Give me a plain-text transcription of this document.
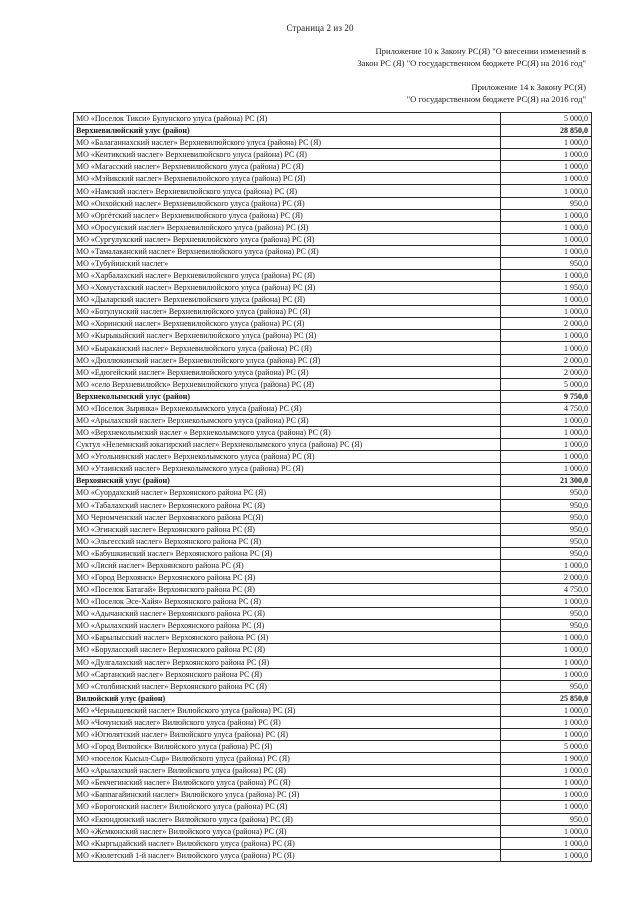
Страница 2 из 20
Приложение 10 к Закону РС(Я) "О внесении изменений в
Закон РС (Я) "О государственном бюджете РС(Я) на 2016 год"
Приложение 14 к Закону РС(Я)
"О государственном бюджете РС(Я) на 2016 год"
МО «Поселок Тикси» Булунского улуса (района) РС (Я)	5 000,0
Верхневилюйский улус (район)	28 850,0
МО «Балаганнахский наслег» Верхневилюйского улуса (района) РС (Я)	1 000,0
МО «Кентикский наслег» Верхневилюйского улуса (района) РС (Я)	1 000,0
МО «Магасский наслег» Верхневилюйского улуса (района) РС (Я)	1 000,0
МО «Мэйикский наслег» Верхневилюйского улуса (района) РС (Я)	1 000,0
МО «Намский наслег» Верхневилюйского улуса (района) РС (Я)	1 000,0
МО «Онхойский наслег» Верхневилюйского улуса (района) РС (Я)	950,0
МО «Оргётский наслег» Верхневилюйского улуса (района) РС (Я)	1 000,0
МО «Оросунский наслег» Верхневилюйского улуса (района) РС (Я)	1 000,0
МО «Сургулукский наслег» Верхневилюйского улуса (района) РС (Я)	1 000,0
МО «Тамалаканский наслег» Верхневилюйского улуса (района) РС (Я)	1 000,0
МО «Тубуйинский наслег»	950,0
МО «Харбалахский наслег» Верхневилюйского улуса (района) РС (Я)	1 000,0
МО «Хомустахский наслег» Верхневилюйского улуса (района) РС (Я)	1 950,0
МО «Дыларский наслег» Верхневилюйского улуса (района) РС (Я)	1 000,0
МО «Ботулунский наслег» Верхневилюйского улуса (района) РС (Я)	1 000,0
МО «Хоринский наслег» Верхневилюйского улуса (района) РС (Я)	2 000,0
МО «Кырыкыйский наслег» Верхневилюйского улуса (района) РС (Я)	1 000,0
МО «Быраканский наслег» Верхневилюйского улуса (района) РС (Я)	1 000,0
МО «Дюллюкинский наслег» Верхневилюйского улуса (района) РС (Я)	2 000,0
МО «Едюгейский наслег» Верхневилюйского улуса (района) РС (Я)	2 000,0
МО «село Верхневилюйск» Верхневилюйского улуса (района) РС (Я)	5 000,0
Верхнеколымский улус (район)	9 750,0
МО «Поселок Зырянка» Верхнеколымского улуса (района) РС (Я)	4 750,0
МО «Арылахский наслег» Верхнеколымского улуса (района) РС (Я)	1 000,0
МО «Верхнеколымский наслег « Верхнеколымского улуса (района) РС (Я)	1 000,0
Суктул «Нелемнский юкагирский наслег» Верхнеколымского улуса (района) РС (Я)	1 000,0
МО «Угольнинский наслег» Верхнеколымского улуса (района) РС (Я)	1 000,0
МО «Утаинский наслег» Верхнеколымского улуса (района) РС (Я)	1 000,0
Верхоянский улус (район)	21 300,0
МО «Суордахский наслег» Верхоянского района РС (Я)	950,0
МО «Табалахский наслег» Верхоянского района РС (Я)	950,0
МО Черюмченский наслег Верхоянского района РС(Я)	950,0
МО «Эгинский наслег» Верхоянского района РС (Я)	950,0
МО «Эльгесский наслег» Верхоянского района РС (Я)	950,0
МО «Бабушкинский наслег» Верхоянского района РС (Я)	950,0
МО «Лисий наслег» Верхоянского района РС (Я)	1 000,0
МО «Город Верхоянск» Верхоянского района РС (Я)	2 000,0
МО «Поселок Батагай» Верхоянского района РС (Я)	4 750,0
МО «Поселок Эсе-Хайя» Верхоянского района РС (Я)	1 000,0
МО «Адычанский наслег» Верхоянского района РС (Я)	950,0
МО «Арылахский наслег» Верхоянского района РС (Я)	950,0
МО «Барылысский наслег» Верхоянского района РС (Я)	1 000,0
МО «Боруласский наслег» Верхоянского района РС (Я)	1 000,0
МО «Дулгалахский наслег» Верхоянского района РС (Я)	1 000,0
МО «Сартанский наслег» Верхоянского района РС (Я)	1 000,0
МО «Столбинский наслег» Верхоянского района РС (Я)	950,0
Вилюйский улус (район)	25 850,0
МО «Чернышевский наслег» Вилюйского улуса (района) РС (Я)	1 000,0
МО «Чочунский наслег» Вилюйского улуса (района) РС (Я)	1 000,0
МО «Югюлятский наслег» Вилюйского улуса (района) РС (Я)	1 000,0
МО «Город Вилюйск» Вилюйского улуса (района) РС (Я)	5 000,0
МО «поселок Кысыл-Сыр» Вилюйского улуса (района) РС (Я)	1 900,0
МО «Арылахский наслег» Вилюйского улуса (района) РС (Я)	1 000,0
МО «Бекчегинский наслег» Вилюйского улуса (района) РС (Я)	1 000,0
МО «Баппагайинский наслег» Вилюйского улуса (района) РС (Я)	1 000,0
МО «Борогонский наслег» Вилюйского улуса (района) РС (Я)	1 000,0
МО «Екюндюнский наслег» Вилюйского улуса (района) РС (Я)	950,0
МО «Жемконский наслег» Вилюйского улуса (района) РС (Я)	1 000,0
МО «Кыргыдайский наслег» Вилюйского улуса (района) РС (Я)	1 000,0
МО «Кюлетский 1-й наслег» Вилюйского улуса (района) РС (Я)	1 000,0
